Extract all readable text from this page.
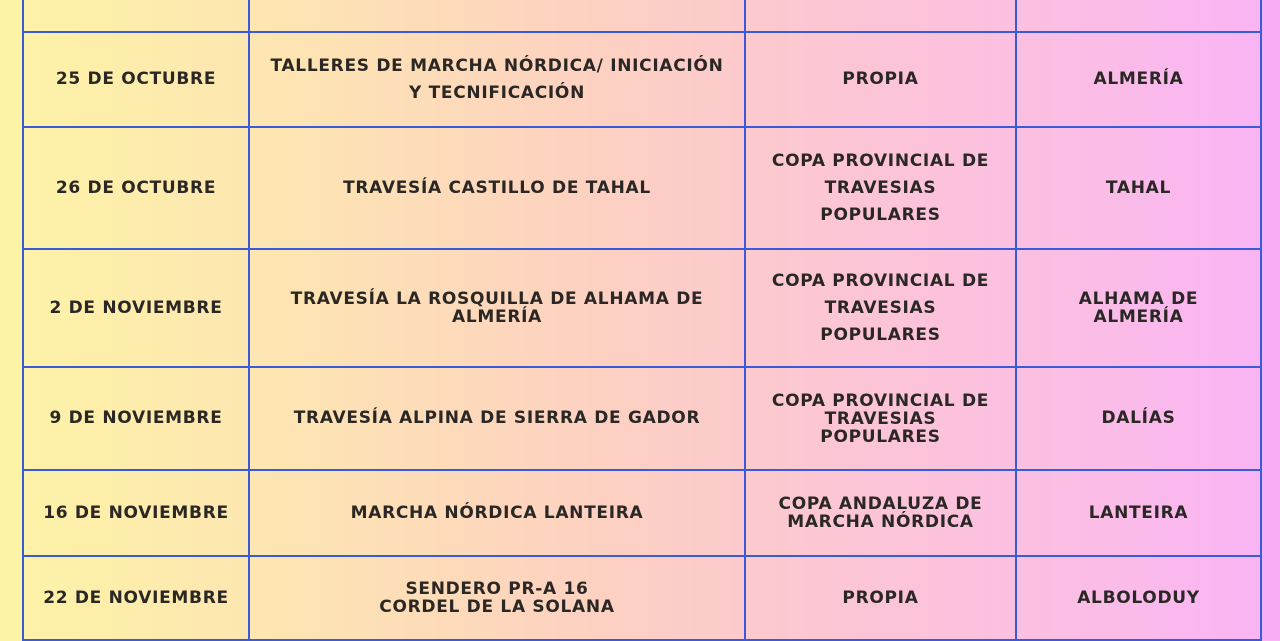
25 DE OCTUBRE	TALLERES DE MARCHA NÓRDICA/ INICIACIÓN
Y TECNIFICACIÓN	PROPIA	ALMERÍA
26 DE OCTUBRE	TRAVESÍA CASTILLO DE TAHAL	COPA PROVINCIAL DE
TRAVESIAS
POPULARES	TAHAL
2 DE NOVIEMBRE	TRAVESÍA LA ROSQUILLA DE ALHAMA DE
ALMERÍA	COPA PROVINCIAL DE
TRAVESIAS
POPULARES	ALHAMA DE
ALMERÍA
9 DE NOVIEMBRE	TRAVESÍA ALPINA DE SIERRA DE GADOR	COPA PROVINCIAL DE
TRAVESIAS
POPULARES	DALÍAS
16 DE NOVIEMBRE	MARCHA NÓRDICA LANTEIRA	COPA ANDALUZA DE
MARCHA NÓRDICA	LANTEIRA
22 DE NOVIEMBRE	SENDERO PR-A 16
CORDEL DE LA SOLANA	PROPIA	ALBOLODUY
